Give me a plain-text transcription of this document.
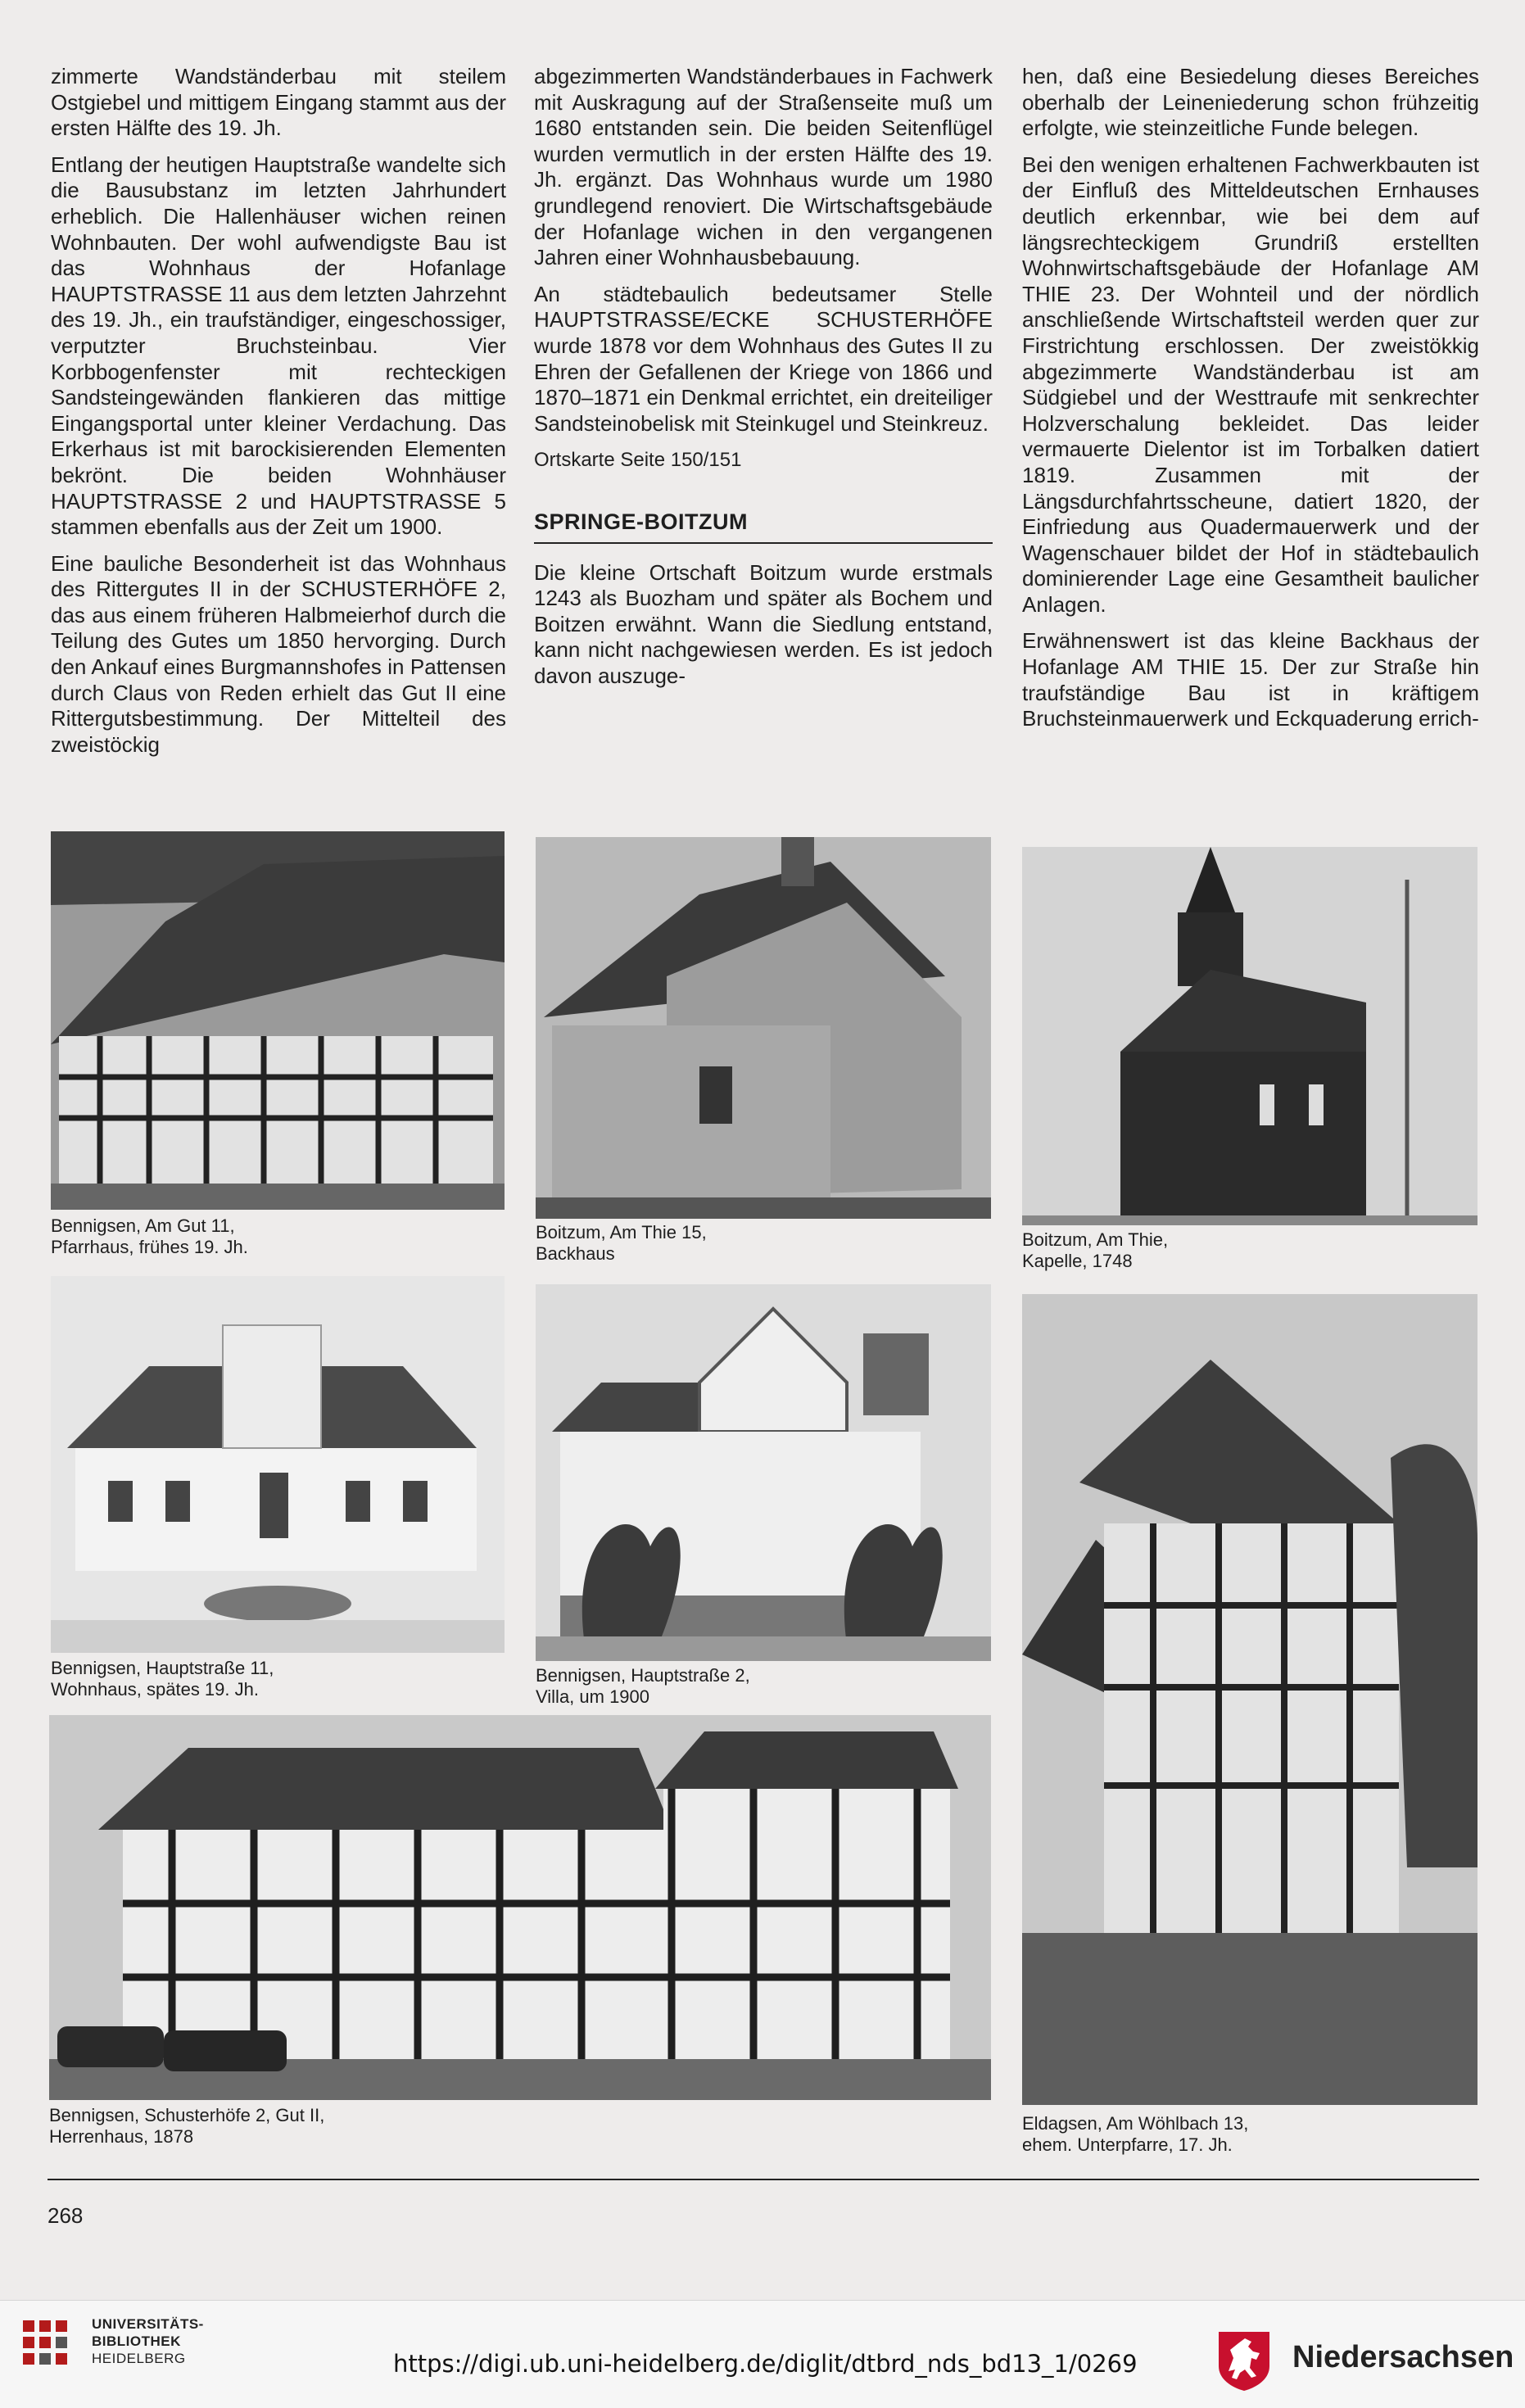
zimmerte Wandständerbau mit steilem Ostgiebel und mittigem Eingang stammt aus der ersten Hälfte des 19. Jh.

Entlang der heutigen Hauptstraße wandelte sich die Bausubstanz im letzten Jahrhundert erheblich. Die Hallenhäuser wichen reinen Wohnbauten. Der wohl aufwendigste Bau ist das Wohnhaus der Hofanlage HAUPTSTRASSE 11 aus dem letzten Jahrzehnt des 19. Jh., ein traufständiger, eingeschossiger, verputzter Bruchsteinbau. Vier Korbbogenfenster mit rechteckigen Sandsteingewänden flankieren das mittige Eingangsportal unter kleiner Verdachung. Das Erkerhaus ist mit barockisierenden Elementen bekrönt. Die beiden Wohnhäuser HAUPTSTRASSE 2 und HAUPTSTRASSE 5 stammen ebenfalls aus der Zeit um 1900.

Eine bauliche Besonderheit ist das Wohnhaus des Rittergutes II in der SCHUSTERHÖFE 2, das aus einem früheren Halbmeierhof durch die Teilung des Gutes um 1850 hervorging. Durch den Ankauf eines Burgmannshofes in Pattensen durch Claus von Reden erhielt das Gut II eine Rittergutsbestimmung. Der Mittelteil des zweistöckig

abgezimmerten Wandständerbaues in Fachwerk mit Auskragung auf der Straßenseite muß um 1680 entstanden sein. Die beiden Seitenflügel wurden vermutlich in der ersten Hälfte des 19. Jh. ergänzt. Das Wohnhaus wurde um 1980 grundlegend renoviert. Die Wirtschaftsgebäude der Hofanlage wichen in den vergangenen Jahren einer Wohnhausbebauung.

An städtebaulich bedeutsamer Stelle HAUPTSTRASSE/ECKE SCHUSTERHÖFE wurde 1878 vor dem Wohnhaus des Gutes II zu Ehren der Gefallenen der Kriege von 1866 und 1870–1871 ein Denkmal errichtet, ein dreiteiliger Sandsteinobelisk mit Steinkugel und Steinkreuz.

Ortskarte Seite 150/151
SPRINGE-BOITZUM

Die kleine Ortschaft Boitzum wurde erstmals 1243 als Buozham und später als Bochem und Boitzen erwähnt. Wann die Siedlung entstand, kann nicht nachgewiesen werden. Es ist jedoch davon auszuge-

hen, daß eine Besiedelung dieses Bereiches oberhalb der Leineniederung schon frühzeitig erfolgte, wie steinzeitliche Funde belegen.

Bei den wenigen erhaltenen Fachwerkbauten ist der Einfluß des Mitteldeutschen Ernhauses deutlich erkennbar, wie bei dem auf längsrechteckigem Grundriß erstellten Wohnwirtschaftsgebäude der Hofanlage AM THIE 23. Der Wohnteil und der nördlich anschließende Wirtschaftsteil werden quer zur Firstrichtung erschlossen. Der zweistökkig abgezimmerte Wandständerbau ist am Südgiebel und der Westtraufe mit senkrechter Holzverschalung bekleidet. Das leider vermauerte Dielentor ist im Torbalken datiert 1819. Zusammen mit der Längsdurchfahrtsscheune, datiert 1820, der Einfriedung aus Quadermauerwerk und der Wagenschauer bildet der Hof in städtebaulich dominierender Lage eine Gesamtheit baulicher Anlagen.

Erwähnenswert ist das kleine Backhaus der Hofanlage AM THIE 15. Der zur Straße hin traufständige Bau ist in kräftigem Bruchsteinmauerwerk und Eckquaderung errich-

Bennigsen, Am Gut 11,
Pfarrhaus, frühes 19. Jh.
Boitzum, Am Thie 15,
Backhaus
Boitzum, Am Thie,
Kapelle, 1748
Bennigsen, Hauptstraße 11,
Wohnhaus, spätes 19. Jh.
Bennigsen, Hauptstraße 2,
Villa, um 1900
Bennigsen, Schusterhöfe 2, Gut II,
Herrenhaus, 1878
Eldagsen, Am Wöhlbach 13,
ehem. Unterpfarre, 17. Jh.
268
UNIVERSITÄTS-
BIBLIOTHEK
HEIDELBERG	https://digi.ub.uni-heidelberg.de/diglit/dtbrd_nds_bd13_1/0269	Niedersachsen
